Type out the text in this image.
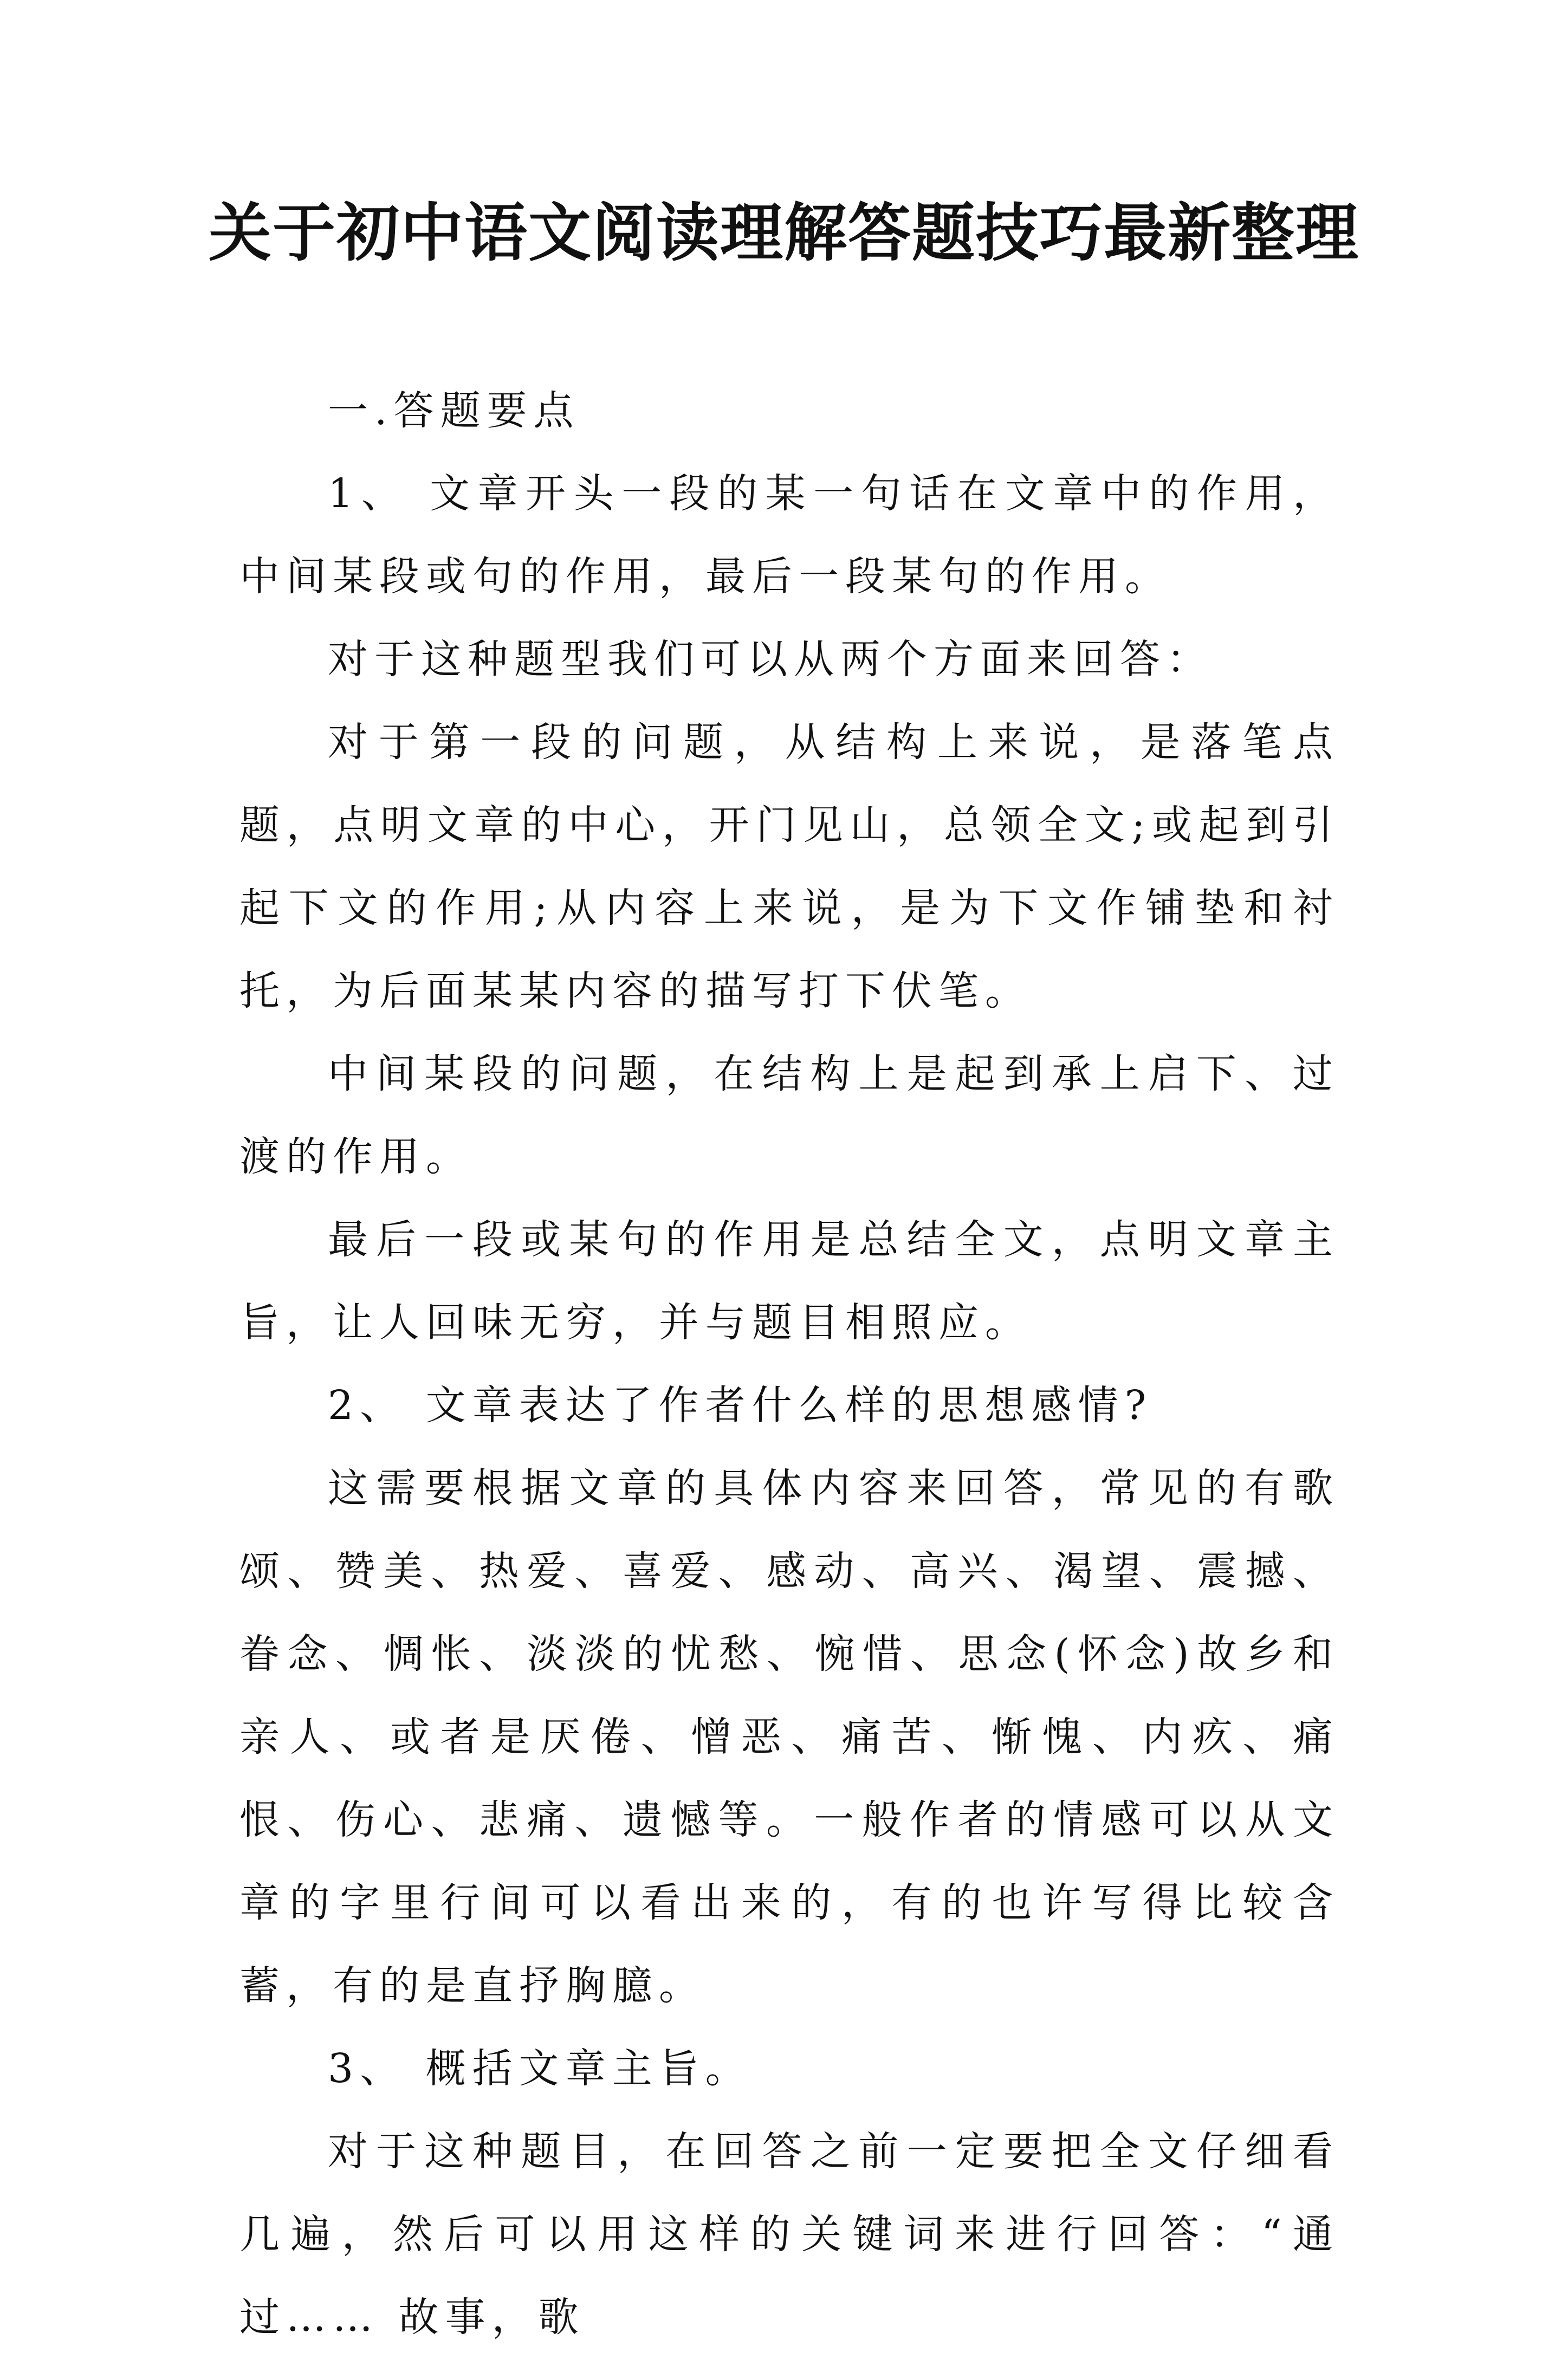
关于初中语文阅读理解答题技巧最新整理

一.答题要点

1、 文章开头一段的某一句话在文章中的作用，中间某段或句的作用，最后一段某句的作用。

对于这种题型我们可以从两个方面来回答：

对于第一段的问题，从结构上来说，是落笔点题，点明文章的中心，开门见山，总领全文;或起到引起下文的作用;从内容上来说，是为下文作铺垫和衬托，为后面某某内容的描写打下伏笔。

中间某段的问题，在结构上是起到承上启下、过渡的作用。

最后一段或某句的作用是总结全文，点明文章主旨，让人回味无穷，并与题目相照应。

2、 文章表达了作者什么样的思想感情?

这需要根据文章的具体内容来回答，常见的有歌颂、赞美、热爱、喜爱、感动、高兴、渴望、震撼、眷念、惆怅、淡淡的忧愁、惋惜、思念(怀念)故乡和亲人、或者是厌倦、憎恶、痛苦、惭愧、内疚、痛恨、伤心、悲痛、遗憾等。一般作者的情感可以从文章的字里行间可以看出来的，有的也许写得比较含蓄，有的是直抒胸臆。

3、 概括文章主旨。

对于这种题目，在回答之前一定要把全文仔细看几遍，然后可以用这样的关键词来进行回答：“通过…… 故事，歌
